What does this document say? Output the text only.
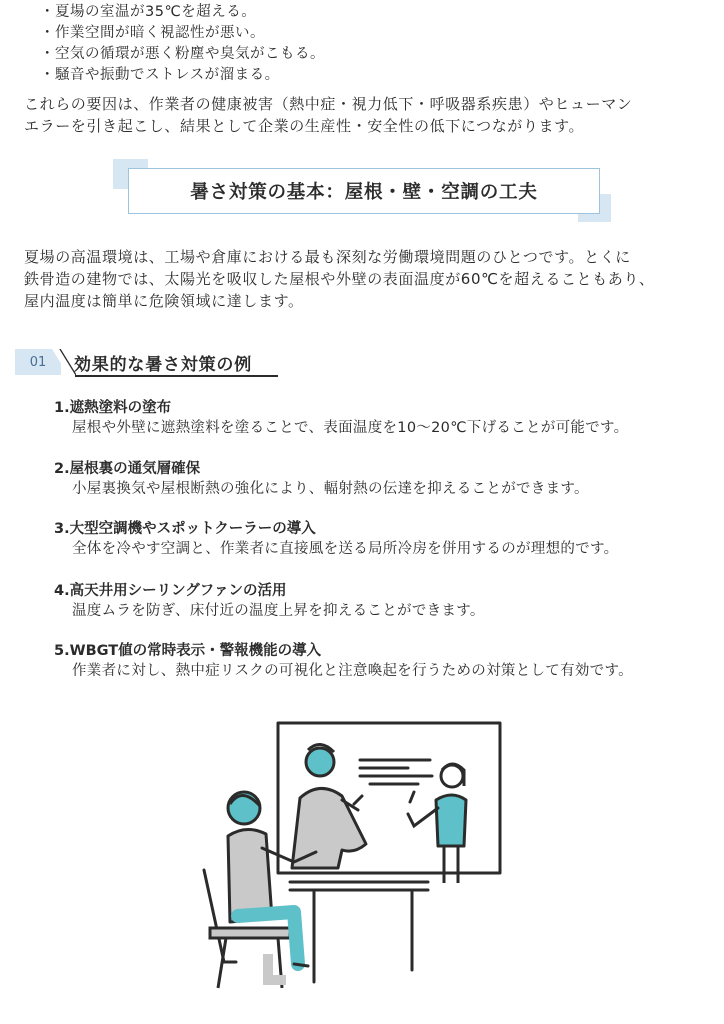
・ 夏場の室温が35℃を超える。
・ 作業空間が暗く視認性が悪い。
・ 空気の循環が悪く粉塵や臭気がこもる。
・ 騒音や振動でストレスが溜まる。
これらの要因は、作業者の健康被害（熱中症・視力低下・呼吸器系疾患）やヒューマン
エラーを引き起こし、結果として企業の生産性・安全性の低下につながります。
暑さ対策の基本：屋根・壁・空調の工夫
夏場の高温環境は、工場や倉庫における最も深刻な労働環境問題のひとつです。とくに
鉄骨造の建物では、太陽光を吸収した屋根や外壁の表面温度が60℃を超えることもあり、
屋内温度は簡単に危険領域に達します。
01	効果的な暑さ対策の例
1.遮熱塗料の塗布
屋根や外壁に遮熱塗料を塗ることで、表面温度を10〜20℃下げることが可能です。
2.屋根裏の通気層確保
小屋裏換気や屋根断熱の強化により、輻射熱の伝達を抑えることができます。
3.大型空調機やスポットクーラーの導入
全体を冷やす空調と、作業者に直接風を送る局所冷房を併用するのが理想的です。
4.高天井用シーリングファンの活用
温度ムラを防ぎ、床付近の温度上昇を抑えることができます。
5.WBGT値の常時表示・警報機能の導入
作業者に対し、熱中症リスクの可視化と注意喚起を行うための対策として有効です。
